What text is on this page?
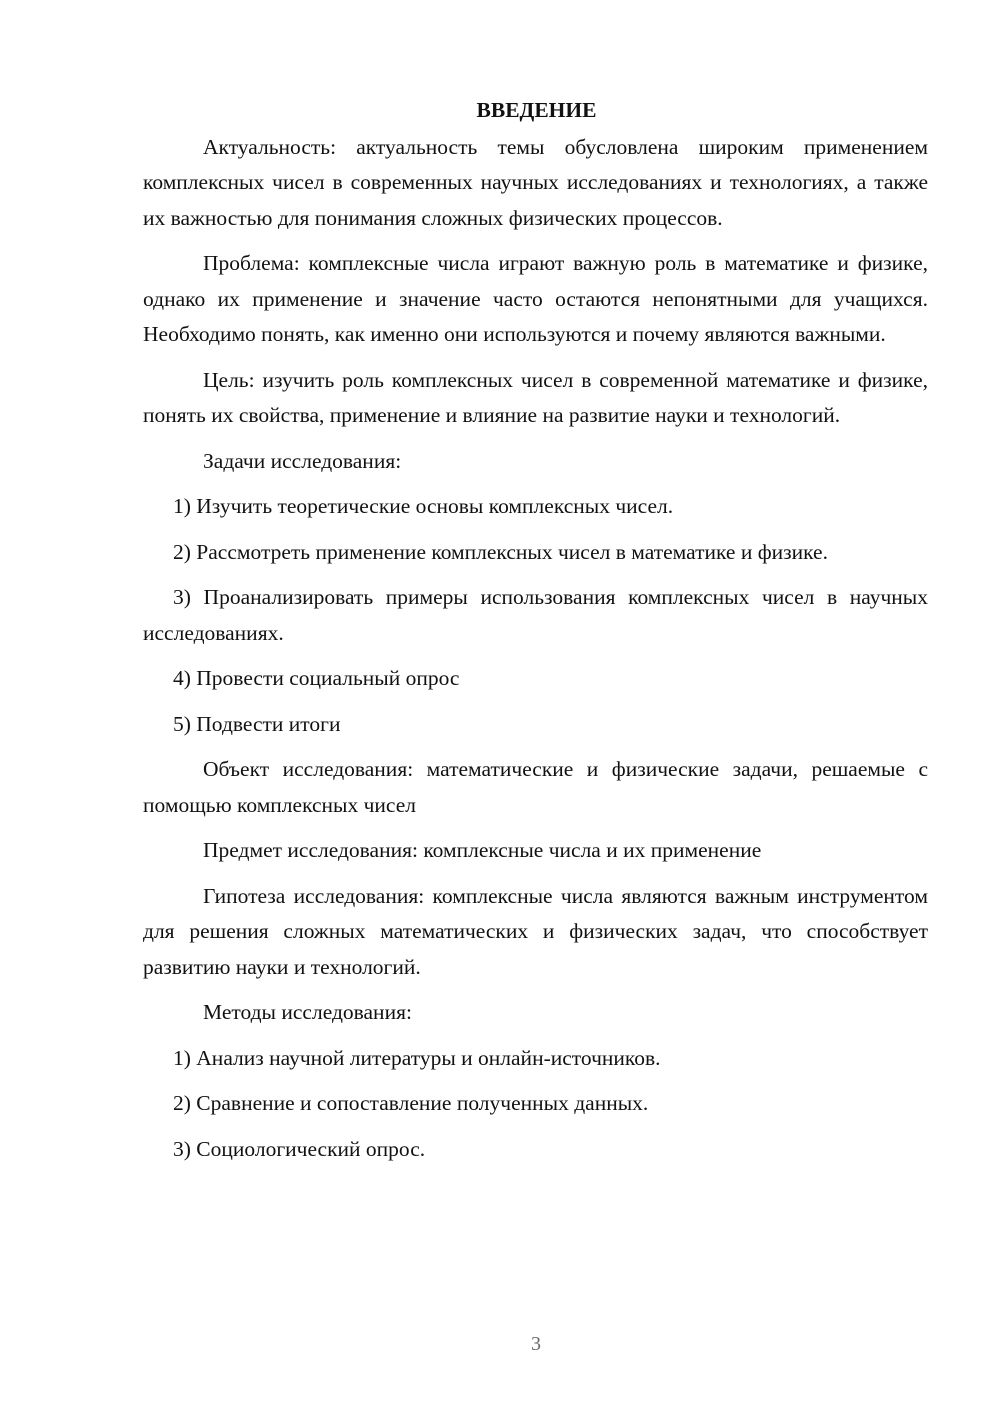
ВВЕДЕНИЕ

Актуальность: актуальность темы обусловлена широким применением комплексных чисел в современных научных исследованиях и технологиях, а также их важностью для понимания сложных физических процессов.

Проблема: комплексные числа играют важную роль в математике и физике, однако их применение и значение часто остаются непонятными для учащихся. Необходимо понять, как именно они используются и почему являются важными.

Цель: изучить роль комплексных чисел в современной математике и физике, понять их свойства, применение и влияние на развитие науки и технологий.

Задачи исследования:

1) Изучить теоретические основы комплексных чисел.

2) Рассмотреть применение комплексных чисел в математике и физике.

3) Проанализировать примеры использования комплексных чисел в научных исследованиях.

4) Провести социальный опрос

5) Подвести итоги

Объект исследования: математические и физические задачи, решаемые с помощью комплексных чисел

Предмет исследования: комплексные числа и их применение

Гипотеза исследования: комплексные числа являются важным инструментом для решения сложных математических и физических задач, что способствует развитию науки и технологий.

Методы исследования:

1) Анализ научной литературы и онлайн-источников.

2) Сравнение и сопоставление полученных данных.

3) Социологический опрос.

3
